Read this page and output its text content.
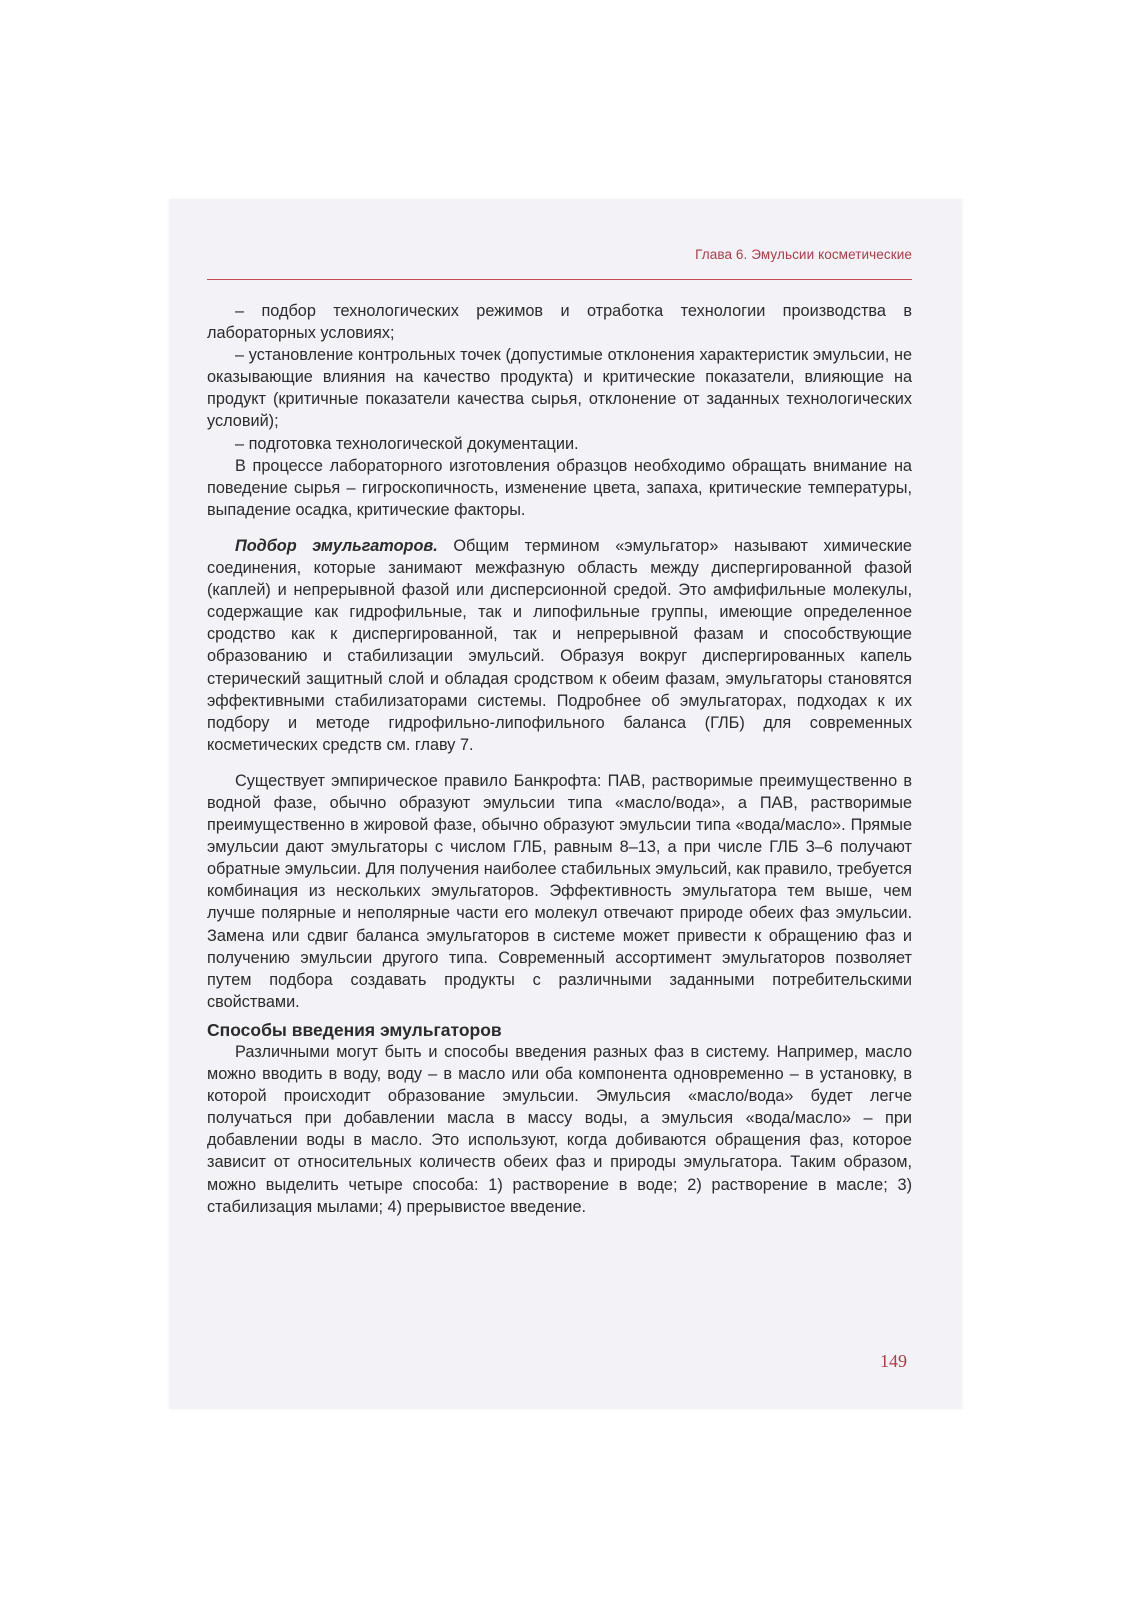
Глава 6. Эмульсии косметические

– подбор технологических режимов и отработка технологии производства в лабораторных условиях;

– установление контрольных точек (допустимые отклонения характеристик эмульсии, не оказывающие влияния на качество продукта) и критические показатели, влияющие на продукт (критичные показатели качества сырья, отклонение от заданных технологических условий);

– подготовка технологической документации.

В процессе лабораторного изготовления образцов необходимо обращать внимание на поведение сырья – гигроскопичность, изменение цвета, запаха, критические температуры, выпадение осадка, критические факторы.

Подбор эмульгаторов. Общим термином «эмульгатор» называют химические соединения, которые занимают межфазную область между диспергированной фазой (каплей) и непрерывной фазой или дисперсионной средой. Это амфифильные молекулы, содержащие как гидрофильные, так и липофильные группы, имеющие определенное сродство как к диспергированной, так и непрерывной фазам и способствующие образованию и стабилизации эмульсий. Образуя вокруг диспергированных капель стерический защитный слой и обладая сродством к обеим фазам, эмульгаторы становятся эффективными стабилизаторами системы. Подробнее об эмульгаторах, подходах к их подбору и методе гидрофильно-липофильного баланса (ГЛБ) для современных косметических средств см. главу 7.

Существует эмпирическое правило Банкрофта: ПАВ, растворимые преимущественно в водной фазе, обычно образуют эмульсии типа «масло/вода», а ПАВ, растворимые преимущественно в жировой фазе, обычно образуют эмульсии типа «вода/масло». Прямые эмульсии дают эмульгаторы с числом ГЛБ, равным 8–13, а при числе ГЛБ 3–6 получают обратные эмульсии. Для получения наиболее стабильных эмульсий, как правило, требуется комбинация из нескольких эмульгаторов. Эффективность эмульгатора тем выше, чем лучше полярные и неполярные части его молекул отвечают природе обеих фаз эмульсии. Замена или сдвиг баланса эмульгаторов в системе может привести к обращению фаз и получению эмульсии другого типа. Современный ассортимент эмульгаторов позволяет путем подбора создавать продукты с различными заданными потребительскими свойствами.

Способы введения эмульгаторов

Различными могут быть и способы введения разных фаз в систему. Например, масло можно вводить в воду, воду – в масло или оба компонента одновременно – в установку, в которой происходит образование эмульсии. Эмульсия «масло/вода» будет легче получаться при добавлении масла в массу воды, а эмульсия «вода/масло» – при добавлении воды в масло. Это используют, когда добиваются обращения фаз, которое зависит от относительных количеств обеих фаз и природы эмульгатора. Таким образом, можно выделить четыре способа: 1) растворение в воде; 2) растворение в масле; 3) стабилизация мылами; 4) прерывистое введение.

149
